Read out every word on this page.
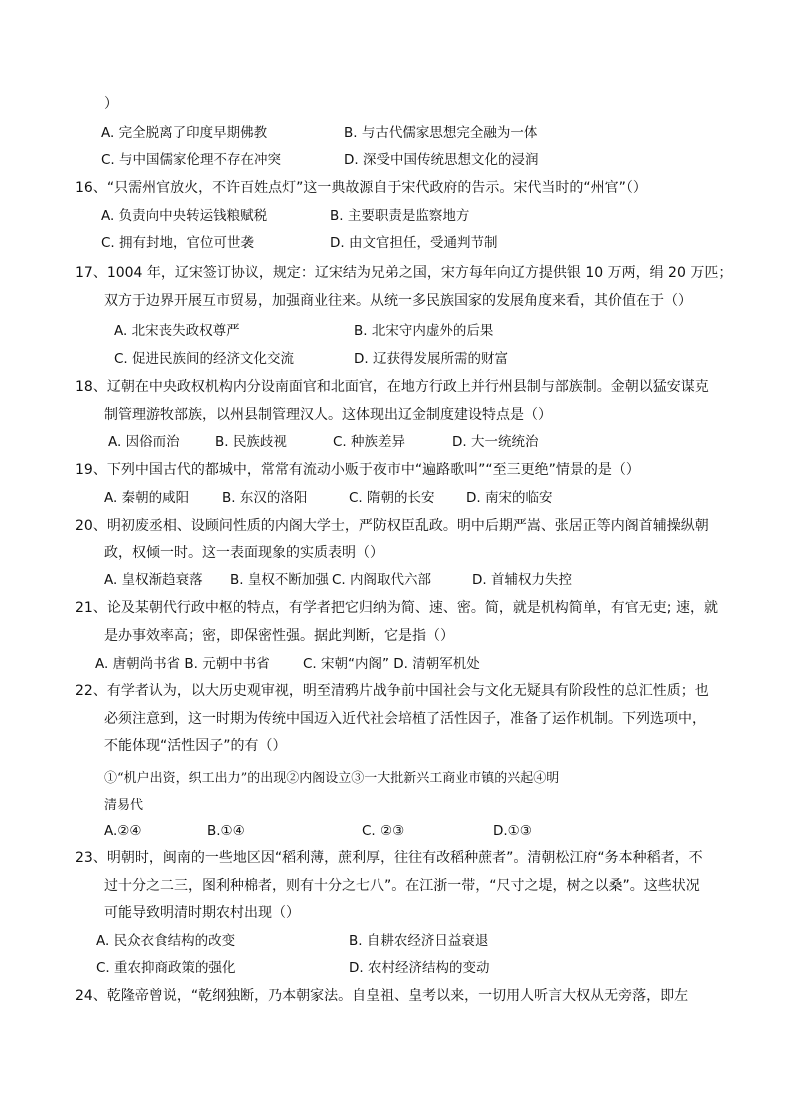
）
A. 完全脱离了印度早期佛教	B. 与古代儒家思想完全融为一体
C. 与中国儒家伦理不存在冲突	D. 深受中国传统思想文化的浸润
16、“只需州官放火，不许百姓点灯”这一典故源自于宋代政府的告示。宋代当时的“州官”（）
A. 负责向中央转运钱粮赋税	B. 主要职责是监察地方
C. 拥有封地，官位可世袭	D. 由文官担任，受通判节制
17、1004 年，辽宋签订协议，规定：辽宋结为兄弟之国，宋方每年向辽方提供银 10 万两，绢 20 万匹；
双方于边界开展互市贸易，加强商业往来。从统一多民族国家的发展角度来看，其价值在于（）
A. 北宋丧失政权尊严	B. 北宋守内虚外的后果
C. 促进民族间的经济文化交流	D. 辽获得发展所需的财富
18、辽朝在中央政权机构内分设南面官和北面官，在地方行政上并行州县制与部族制。金朝以猛安谋克
制管理游牧部族，以州县制管理汉人。这体现出辽金制度建设特点是（）
A. 因俗而治	B. 民族歧视	C. 种族差异	D. 大一统统治
19、下列中国古代的都城中，常常有流动小贩于夜市中“遍路歌叫”“至三更绝”情景的是（）
A. 秦朝的咸阳 B. 东汉的洛阳	C. 隋朝的长安 D. 南宋的临安
20、明初废丞相、设顾问性质的内阁大学士，严防权臣乱政。明中后期严嵩、张居正等内阁首辅操纵朝
政，权倾一时。这一表面现象的实质表明（）
A. 皇权渐趋衰落 B. 皇权不断加强 C. 内阁取代六部	D. 首辅权力失控
21、论及某朝代行政中枢的特点，有学者把它归纳为简、速、密。简，就是机构简单，有官无吏; 速，就
是办事效率高；密，即保密性强。据此判断，它是指（）
A. 唐朝尚书省 B. 元朝中书省 C. 宋朝“内阁” D. 清朝军机处
22、有学者认为，以大历史观审视，明至清鸦片战争前中国社会与文化无疑具有阶段性的总汇性质；也
必须注意到，这一时期为传统中国迈入近代社会培植了活性因子，准备了运作机制。下列选项中，
不能体现“活性因子”的有（）
①“机户出资，织工出力”的出现②内阁设立③一大批新兴工商业市镇的兴起④明
清易代
A.②④	B.①④	C. ②③	D.①③
23、明朝时，闽南的一些地区因“稻利薄，蔗利厚，往往有改稻种蔗者”。清朝松江府“务本种稻者，不
过十分之二三，图利种棉者，则有十分之七八”。在江浙一带，“尺寸之堤，树之以桑”。这些状况
可能导致明清时期农村出现（）
A. 民众衣食结构的改变	B. 自耕农经济日益衰退
C. 重农抑商政策的强化	D. 农村经济结构的变动
24、乾隆帝曾说，“乾纲独断，乃本朝家法。自皇祖、皇考以来，一切用人听言大权从无旁落，即左
